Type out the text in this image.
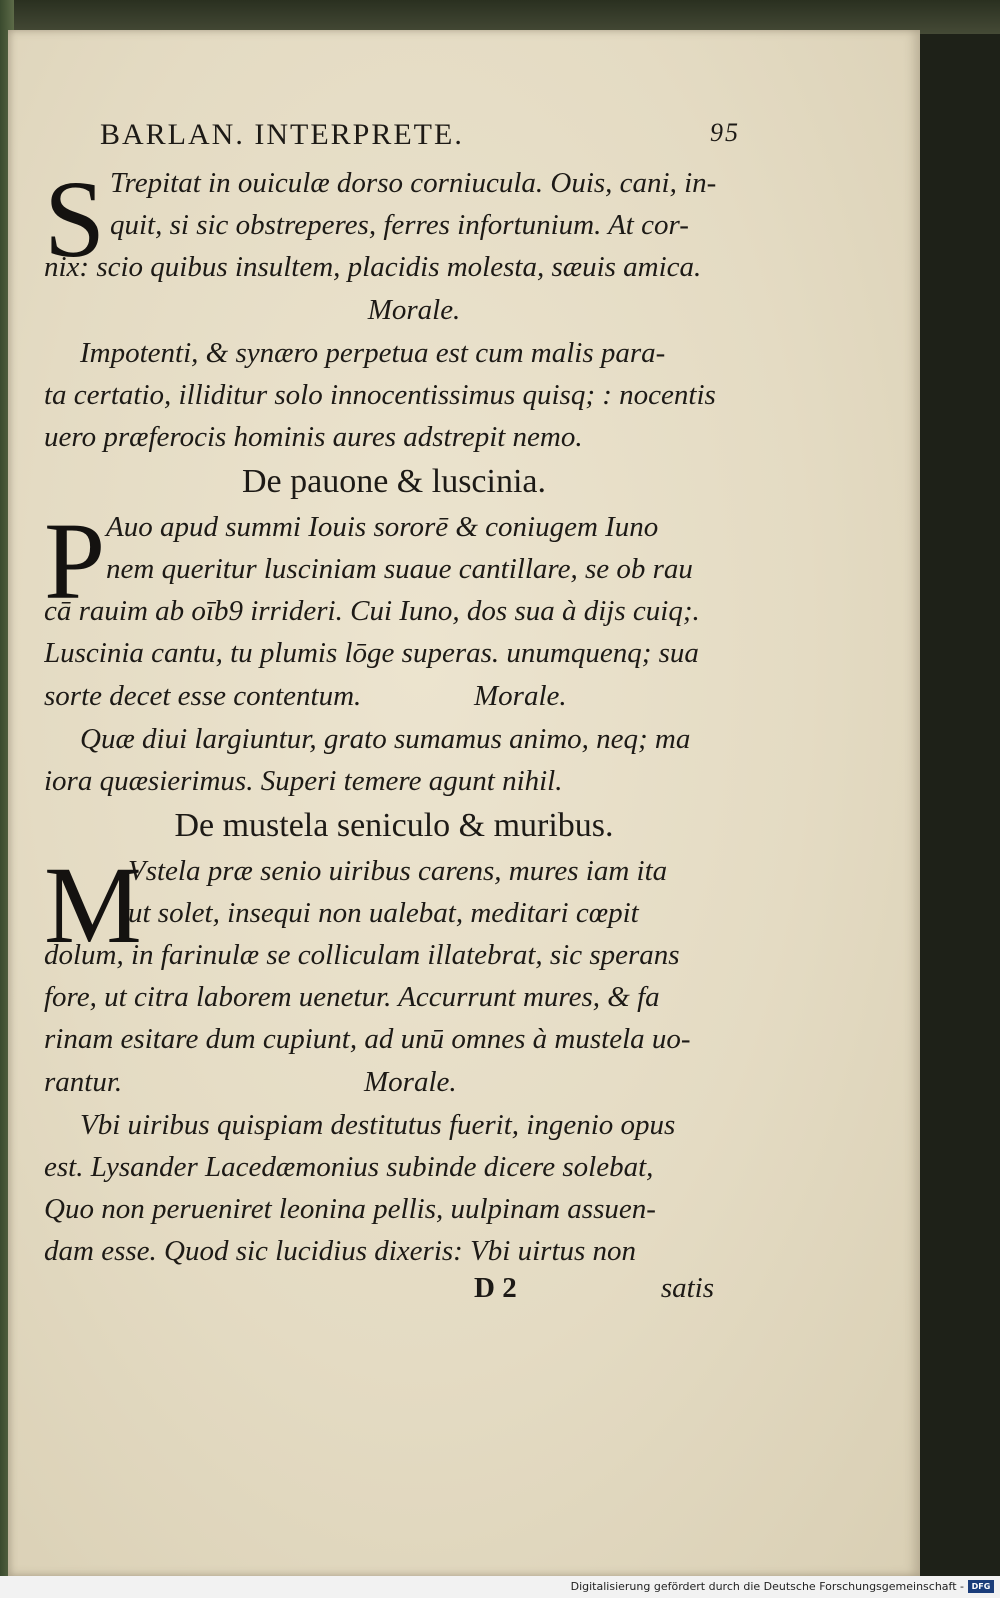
BARLAN. INTERPRETE.	95
S Trepitat in ouiculæ dorso corniucula. Ouis, cani, in-
quit, si sic obstreperes, ferres infortunium. At cor-
nix: scio quibus insultem, placidis molesta, sæuis amica.
Morale.
Impotenti, & synæro perpetua est cum malis para-
ta certatio, illiditur solo innocentissimus quisq; : nocentis
uero præferocis hominis aures adstrepit nemo.
De pauone & luscinia.
P Auo apud summi Iouis sororē & coniugem Iuno
nem queritur lusciniam suaue cantillare, se ob rau
cā rauim ab oīb9 irrideri. Cui Iuno, dos sua à dijs cuiq;.
Luscinia cantu, tu plumis lōge superas. unumquenq; sua
sorte decet esse contentum.	Morale.
Quæ diui largiuntur, grato sumamus animo, neq; ma
iora quæsierimus. Superi temere agunt nihil.
De mustela seniculo & muribus.
M
Vstela præ senio uiribus carens, mures iam ita
ut solet, insequi non ualebat, meditari cœpit
dolum, in farinulæ se colliculam illatebrat, sic sperans
fore, ut citra laborem uenetur. Accurrunt mures, & fa
rinam esitare dum cupiunt, ad unū omnes à mustela uo-
rantur.	Morale.
Vbi uiribus quispiam destitutus fuerit, ingenio opus
est. Lysander Lacedæmonius subinde dicere solebat,
Quo non perueniret leonina pellis, uulpinam assuen-
dam esse. Quod sic lucidius dixeris: Vbi uirtus non
D 2	satis
Digitalisierung gefördert durch die Deutsche Forschungsgemeinschaft - DFG
